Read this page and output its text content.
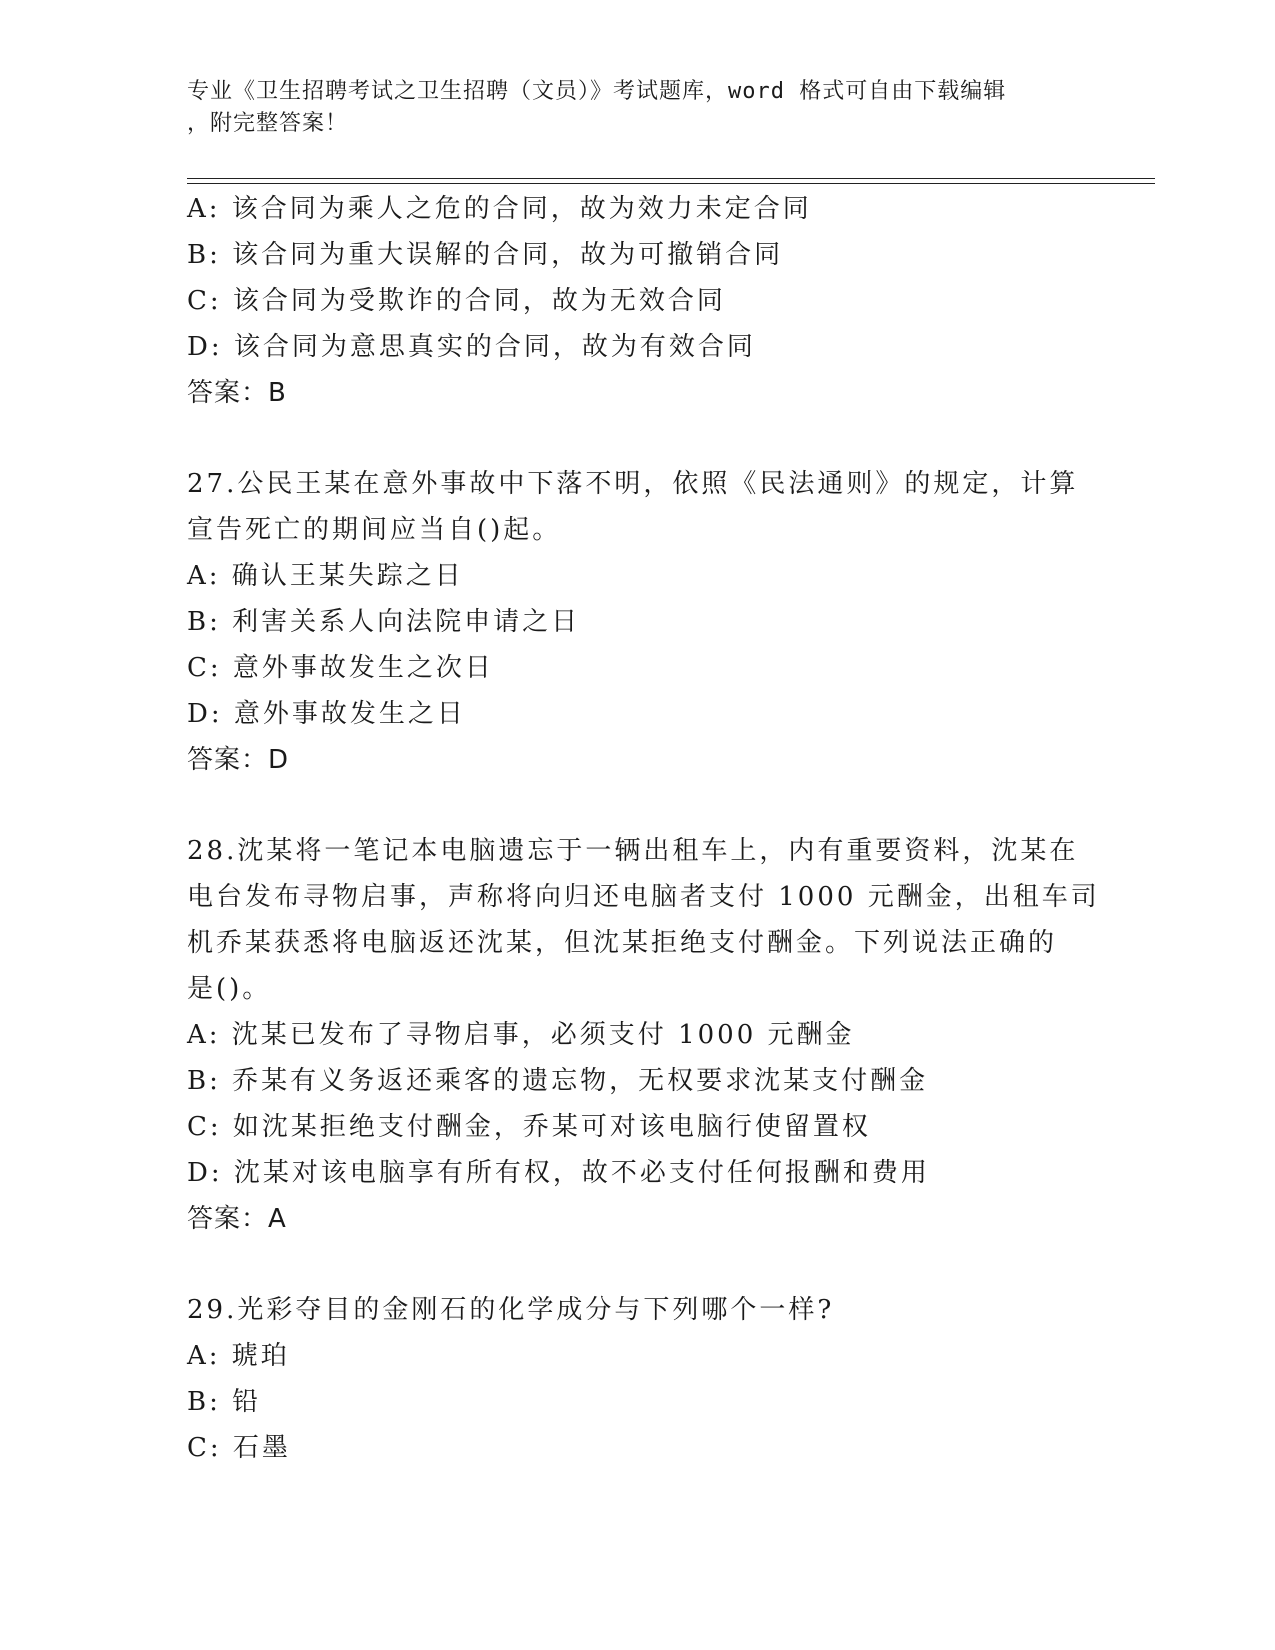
专业《卫生招聘考试之卫生招聘（文员）》考试题库，word 格式可自由下载编辑

，附完整答案！
A: 该合同为乘人之危的合同，故为效力未定合同
B: 该合同为重大误解的合同，故为可撤销合同
C: 该合同为受欺诈的合同，故为无效合同
D: 该合同为意思真实的合同，故为有效合同
答案：B
27.公民王某在意外事故中下落不明，依照《民法通则》的规定，计算
宣告死亡的期间应当自()起。
A: 确认王某失踪之日
B: 利害关系人向法院申请之日
C: 意外事故发生之次日
D: 意外事故发生之日
答案：D
28.沈某将一笔记本电脑遗忘于一辆出租车上，内有重要资料，沈某在
电台发布寻物启事，声称将向归还电脑者支付 1000 元酬金，出租车司
机乔某获悉将电脑返还沈某，但沈某拒绝支付酬金。下列说法正确的
是()。
A: 沈某已发布了寻物启事，必须支付 1000 元酬金
B: 乔某有义务返还乘客的遗忘物，无权要求沈某支付酬金
C: 如沈某拒绝支付酬金，乔某可对该电脑行使留置权
D: 沈某对该电脑享有所有权，故不必支付任何报酬和费用
答案：A
29.光彩夺目的金刚石的化学成分与下列哪个一样?
A: 琥珀
B: 铅
C: 石墨
